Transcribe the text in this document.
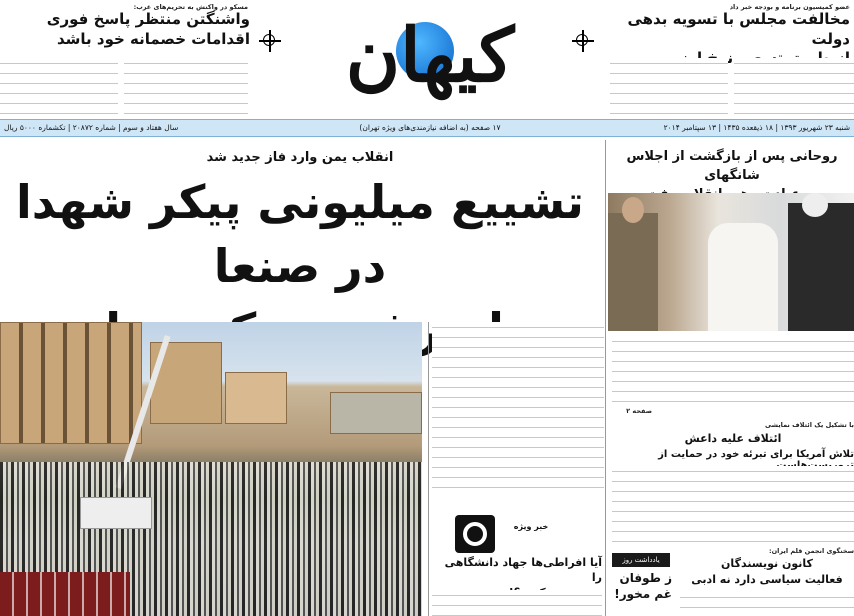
کیهان
مسکو در واکنش به تحریم‌های غرب:
واشنگتن منتظر پاسخ فوری
اقدامات خصمانه خود باشد
عضو کمیسیون برنامه و بودجه خبر داد
مخالفت مجلس با تسویه بدهی دولت
شنبه ۲۳ شهریور ۱۳۹۳ | ۱۸ ذیقعده ۱۴۳۵ | ۱۳ سپتامبر ۲۰۱۴
۱۷ صفحه (به اضافه نیازمندی‌های ویژه تهران)
سال هفتاد و سوم | شماره ۲۰۸۷۲ | تکشماره ۵۰۰۰ ریال
انقلاب یمن وارد فاز جدید شد
تشییع میلیونی پیکر شهدا در صنعا
خبر ویژه
آیا افراطی‌ها جهاد دانشگاهی را
یادداشت روز
ز طوفان
غم مخور!
روحانی پس از بازگشت از اجلاس شانگهای
صفحه ۲
با تشکیل یک ائتلاف نمایشی
ائتلاف علیه داعش
تلاش آمریکا برای تبرئه خود در حمایت از
سخنگوی انجمن قلم ایران:
کانون نویسندگان
فعالیت سیاسی دارد نه ادبی
